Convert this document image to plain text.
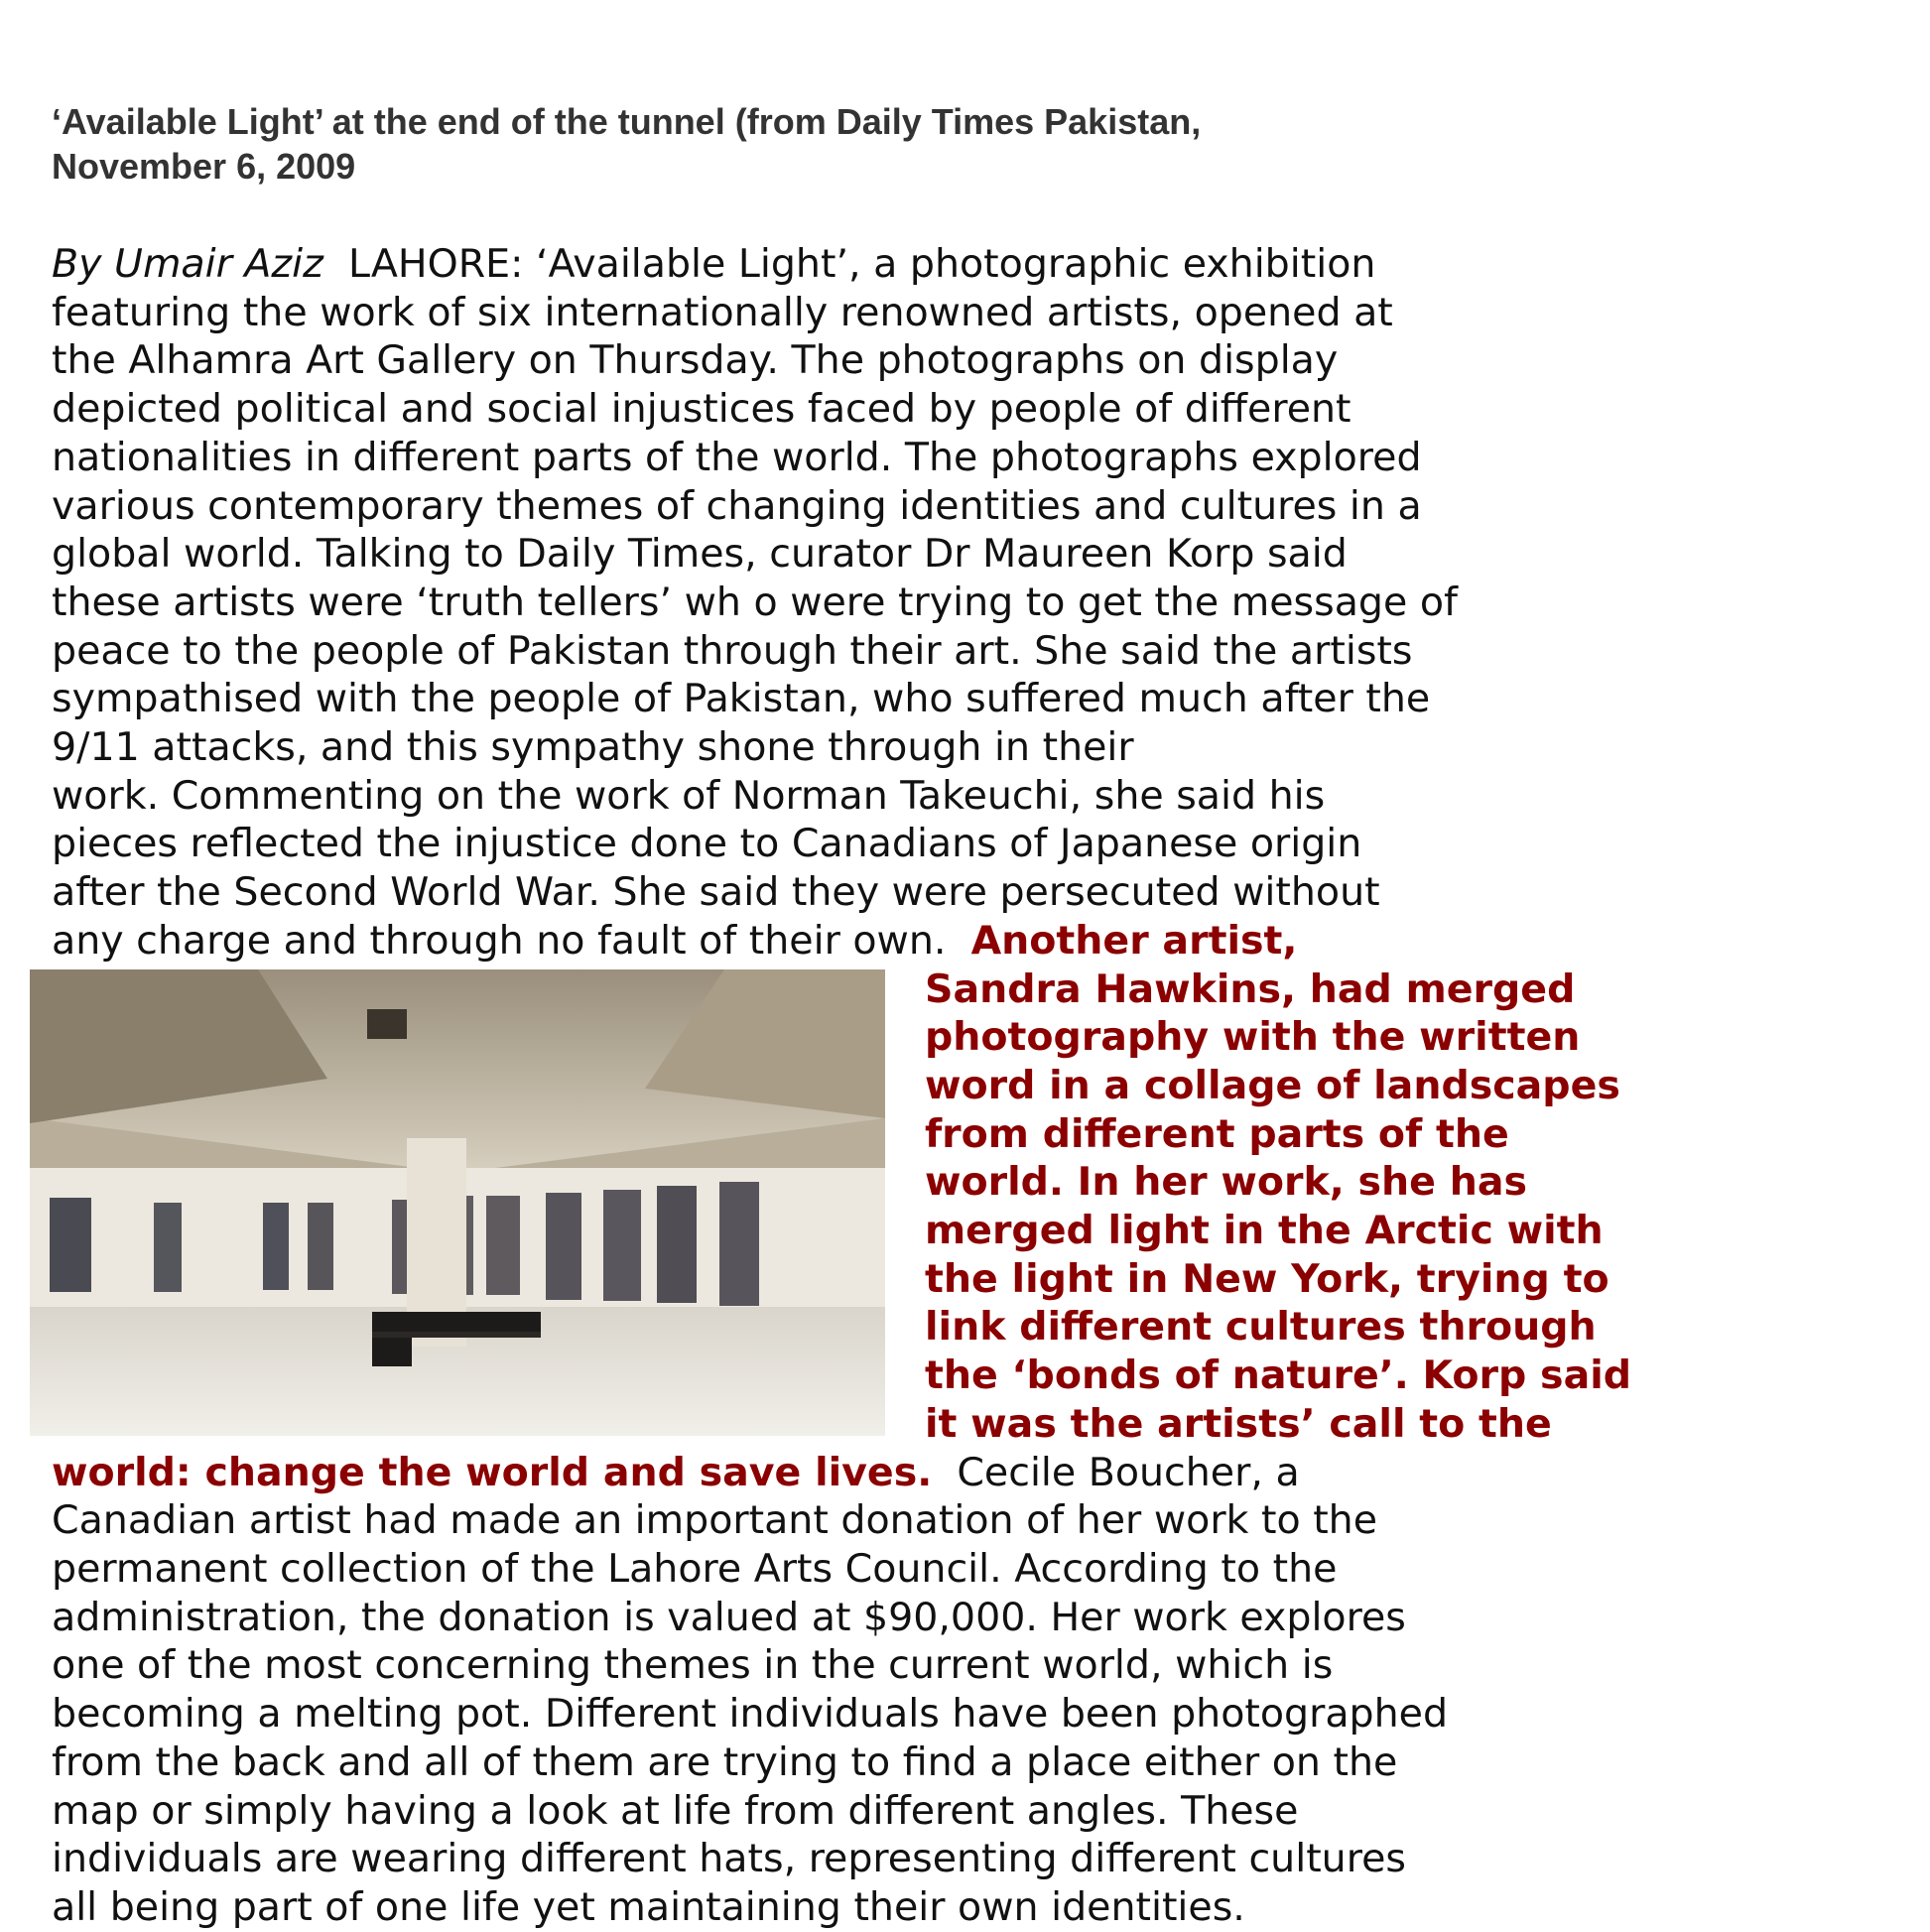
‘Available Light’ at the end of the tunnel (from Daily Times Pakistan,
November 6, 2009
By Umair Aziz LAHORE: ‘Available Light’, a photographic exhibition
featuring the work of six internationally renowned artists, opened at
the Alhamra Art Gallery on Thursday. The photographs on display
depicted political and social injustices faced by people of different
nationalities in different parts of the world. The photographs explored
various contemporary themes of changing identities and cultures in a
global world. Talking to Daily Times, curator Dr Maureen Korp said
these artists were ‘truth tellers’ wh o were trying to get the message of
peace to the people of Pakistan through their art. She said the artists
sympathised with the people of Pakistan, who suffered much after the
9/11 attacks, and this sympathy shone through in their
work. Commenting on the work of Norman Takeuchi, she said his
pieces reflected the injustice done to Canadians of Japanese origin
after the Second World War. She said they were persecuted without
any charge and through no fault of their own. Another artist,
Sandra Hawkins, had merged
photography with the written
word in a collage of landscapes
from different parts of the
world. In her work, she has
merged light in the Arctic with
the light in New York, trying to
link different cultures through
the ‘bonds of nature’. Korp said
it was the artists’ call to the
world: change the world and save lives. Cecile Boucher, a
Canadian artist had made an important donation of her work to the
permanent collection of the Lahore Arts Council. According to the
administration, the donation is valued at $90,000. Her work explores
one of the most concerning themes in the current world, which is
becoming a melting pot. Different individuals have been photographed
from the back and all of them are trying to find a place either on the
map or simply having a look at life from different angles. These
individuals are wearing different hats, representing different cultures
all being part of one life yet maintaining their own identities.
